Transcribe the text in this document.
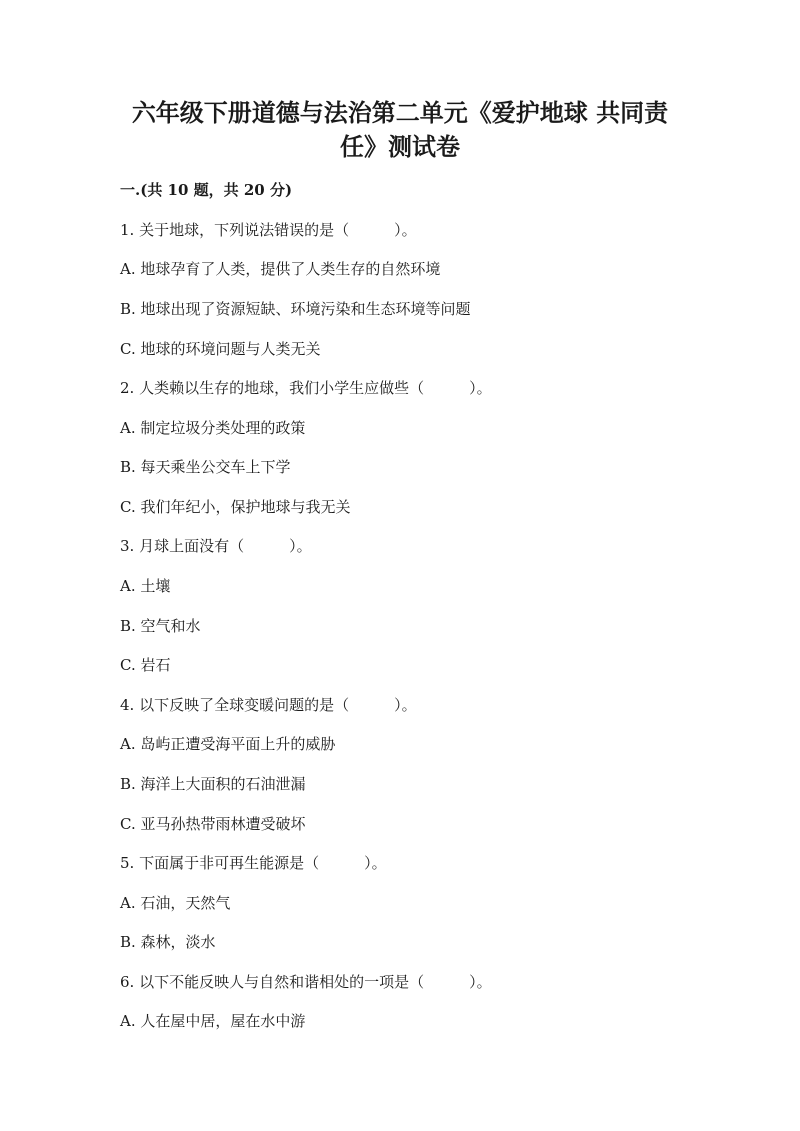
六年级下册道德与法治第二单元《爱护地球 共同责
任》测试卷
一.(共 10 题，共 20 分)
1. 关于地球，下列说法错误的是（　　　）。
A. 地球孕育了人类，提供了人类生存的自然环境
B. 地球出现了资源短缺、环境污染和生态环境等问题
C. 地球的环境问题与人类无关
2. 人类赖以生存的地球，我们小学生应做些（　　　）。
A. 制定垃圾分类处理的政策
B. 每天乘坐公交车上下学
C. 我们年纪小，保护地球与我无关
3. 月球上面没有（　　　）。
A. 土壤
B. 空气和水
C. 岩石
4. 以下反映了全球变暖问题的是（　　　）。
A. 岛屿正遭受海平面上升的威胁
B. 海洋上大面积的石油泄漏
C. 亚马孙热带雨林遭受破坏
5. 下面属于非可再生能源是（　　　）。
A. 石油，天然气
B. 森林，淡水
6. 以下不能反映人与自然和谐相处的一项是（　　　）。
A. 人在屋中居，屋在水中游
